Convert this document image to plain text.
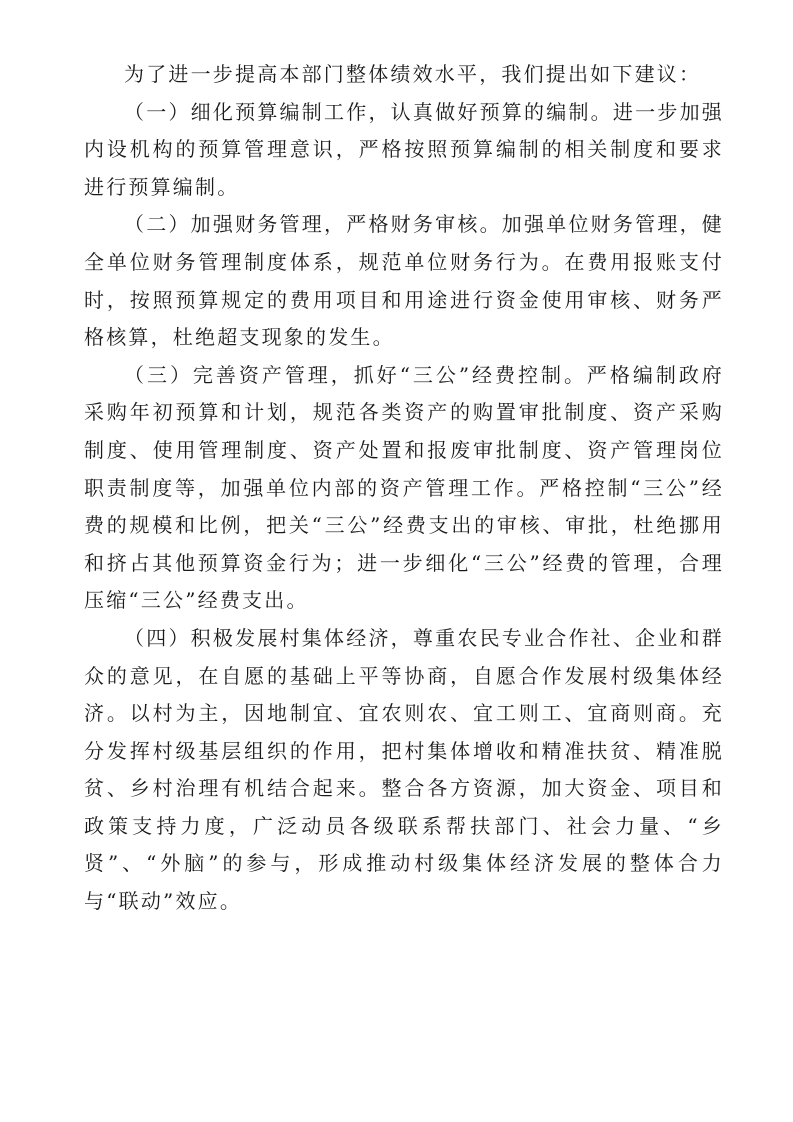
为了进一步提高本部门整体绩效水平，我们提出如下建议：

（一）细化预算编制工作，认真做好预算的编制。进一步加强内设机构的预算管理意识，严格按照预算编制的相关制度和要求进行预算编制。

（二）加强财务管理，严格财务审核。加强单位财务管理，健全单位财务管理制度体系，规范单位财务行为。在费用报账支付时，按照预算规定的费用项目和用途进行资金使用审核、财务严格核算，杜绝超支现象的发生。

（三）完善资产管理，抓好“三公”经费控制。严格编制政府采购年初预算和计划，规范各类资产的购置审批制度、资产采购制度、使用管理制度、资产处置和报废审批制度、资产管理岗位职责制度等，加强单位内部的资产管理工作。严格控制“三公”经费的规模和比例，把关“三公”经费支出的审核、审批，杜绝挪用和挤占其他预算资金行为；进一步细化“三公”经费的管理，合理压缩“三公”经费支出。

（四）积极发展村集体经济，尊重农民专业合作社、企业和群众的意见，在自愿的基础上平等协商，自愿合作发展村级集体经济。以村为主，因地制宜、宜农则农、宜工则工、宜商则商。充分发挥村级基层组织的作用，把村集体增收和精准扶贫、精准脱贫、乡村治理有机结合起来。整合各方资源，加大资金、项目和政策支持力度，广泛动员各级联系帮扶部门、社会力量、“乡贤”、“外脑”的参与，形成推动村级集体经济发展的整体合力与“联动”效应。
